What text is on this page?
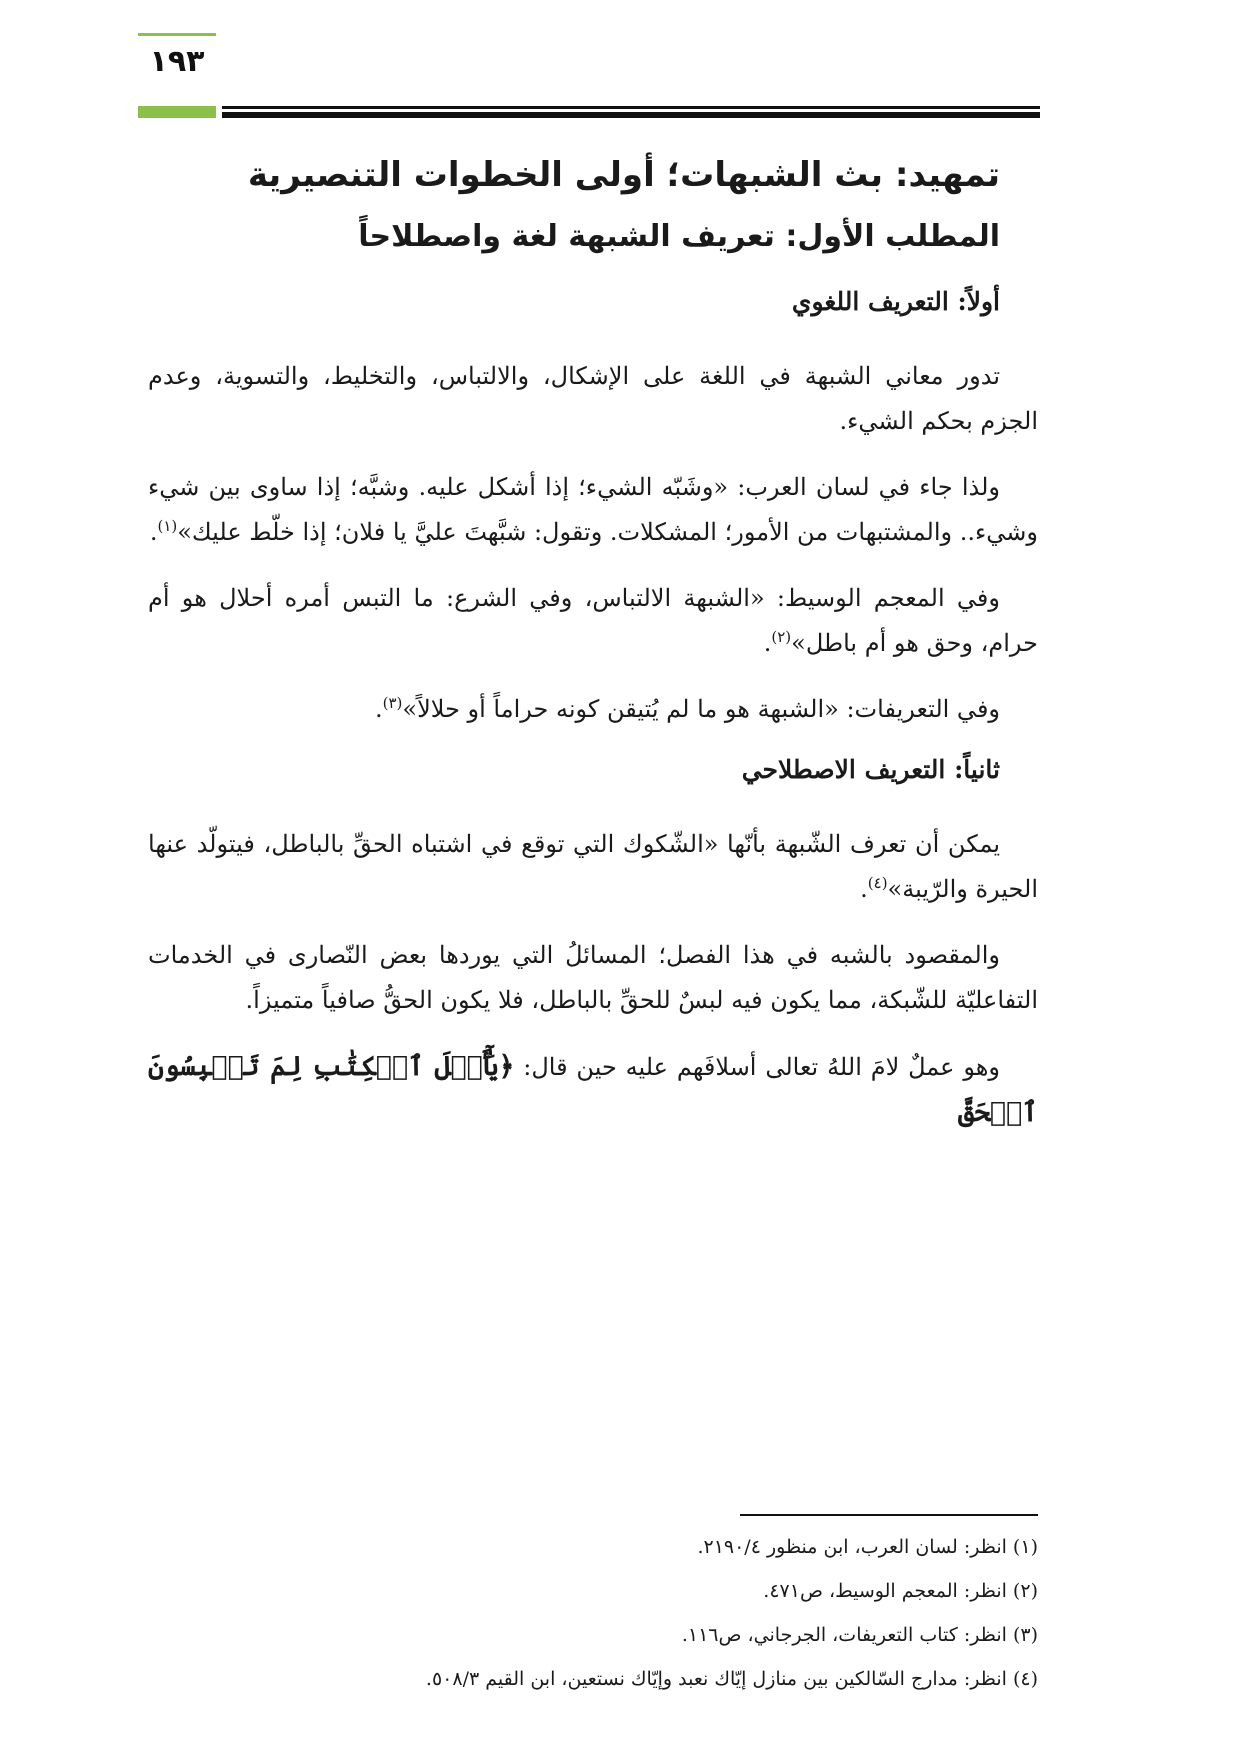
١٩٣
تمهيد: بث الشبهات؛ أولى الخطوات التنصيرية
المطلب الأول: تعريف الشبهة لغة واصطلاحاً
أولاً: التعريف اللغوي

تدور معاني الشبهة في اللغة على الإشكال، والالتباس، والتخليط، والتسوية، وعدم الجزم بحكم الشيء.

ولذا جاء في لسان العرب: «وشَبّه الشيء؛ إذا أشكل عليه. وشبَّه؛ إذا ساوى بين شيء وشيء.. والمشتبهات من الأمور؛ المشكلات. وتقول: شبَّهتَ عليَّ يا فلان؛ إذا خلّط عليك»$^{(١)}$.

وفي المعجم الوسيط: «الشبهة الالتباس، وفي الشرع: ما التبس أمره أحلال هو أم حرام، وحق هو أم باطل»$^{(٢)}$.

وفي التعريفات: «الشبهة هو ما لم يُتيقن كونه حراماً أو حلالاً»$^{(٣)}$.

ثانياً: التعريف الاصطلاحي

يمكن أن تعرف الشّبهة بأنّها «الشّكوك التي توقع في اشتباه الحقِّ بالباطل، فيتولّد عنها الحيرة والرّيبة»$^{(٤)}$.

والمقصود بالشبه في هذا الفصل؛ المسائلُ التي يوردها بعض النّصارى في الخدمات التفاعليّة للشّبكة، مما يكون فيه لبسٌ للحقِّ بالباطل، فلا يكون الحقُّ صافياً متميزاً.

وهو عملٌ لامَ اللهُ تعالى أسلافَهم عليه حين قال: ﴿يَٰٓأَهۡلَ ٱلۡكِتَٰبِ لِمَ تَلۡبِسُونَ ٱلۡحَقَّ

(١) انظر: لسان العرب، ابن منظور ٢١٩٠/٤.

(٢) انظر: المعجم الوسيط، ص٤٧١.

(٣) انظر: كتاب التعريفات، الجرجاني، ص١١٦.

(٤) انظر: مدارج السّالكين بين منازل إيّاك نعبد وإيّاك نستعين، ابن القيم ٥٠٨/٣.
